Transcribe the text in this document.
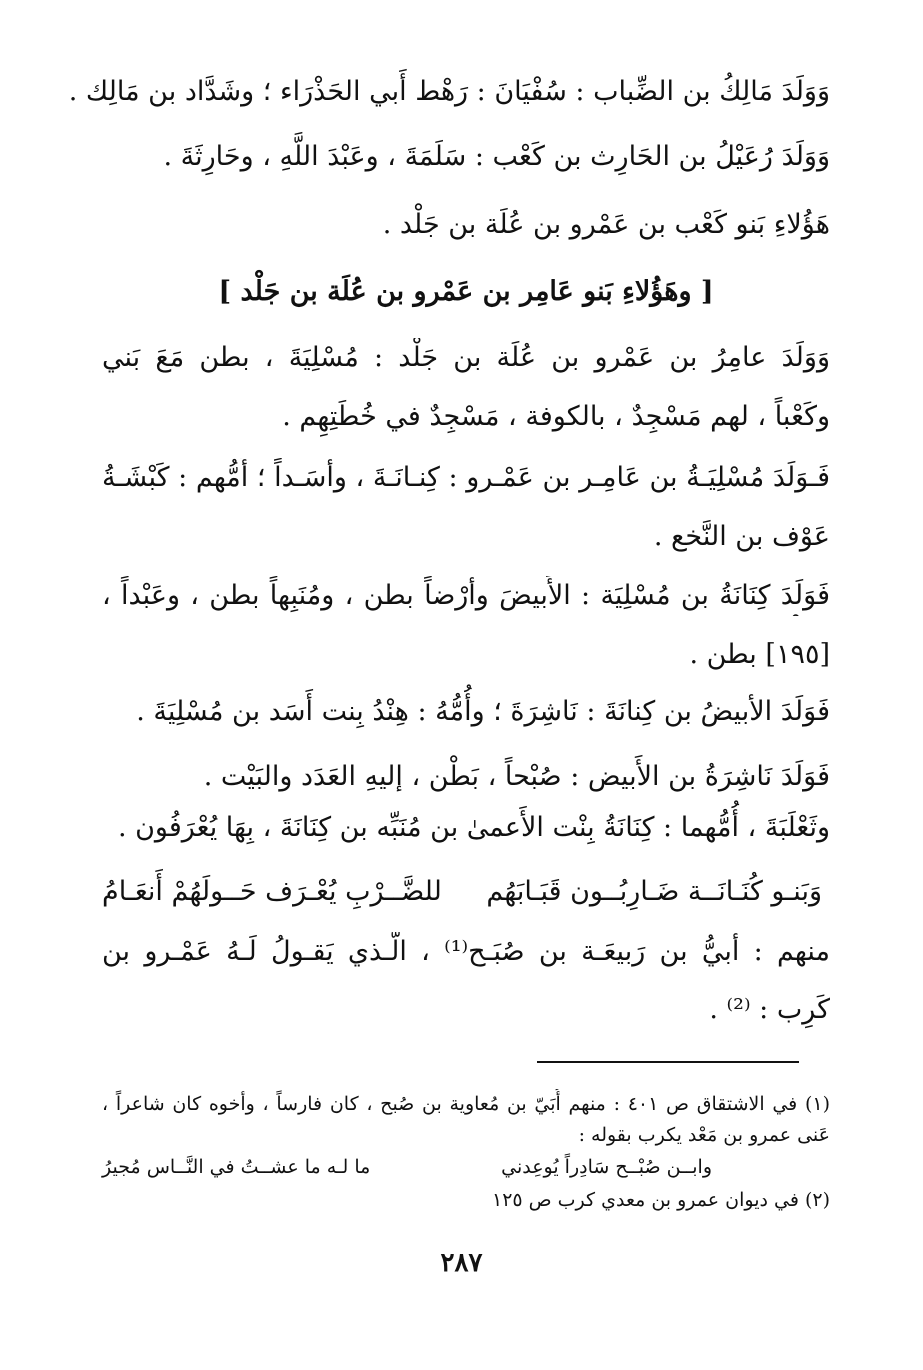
وَوَلَدَ مَالِكُ بن الضِّباب : سُفْيَانَ : رَهْط أَبي الحَذْرَاء ؛ وشَدَّاد بن مَالِك .
وَوَلَدَ رُعَيْلُ بن الحَارِث بن كَعْب : سَلَمَةَ ، وعَبْدَ اللَّهِ ، وحَارِثَةَ .
هَؤُلاءِ بَنو كَعْب بن عَمْرو بن عُلَة بن جَلْد .
[ وهَؤُلاءِ بَنو عَامِر بن عَمْرو بن عُلَة بن جَلْد ]
وَوَلَدَ عامِرُ بن عَمْرو بن عُلَة بن جَلْد : مُسْلِيَةَ ، بطن مَعَ بَني
وكَعْباً ، لهم مَسْجِدٌ ، بالكوفة ، مَسْجِدٌ في خُطَتِهِم .
فَـوَلَدَ مُسْلِيَـةُ بن عَامِـر بن عَمْـرو : كِنـانَـةَ ، وأَسَـداً ؛ أُمُّهم : كَبْشَـةُ
عَوْف بن النَّخع .
فَوَلَدَ كِنَانَةُ بن مُسْلِيَة : الأَبيضَ وأَرْضاً بطن ، ومُنَبِهاً بطن ، وعَبْداً ،
[١٩٥] بطن .
فَوَلَدَ الأبيضُ بن كِنانَةَ : نَاشِرَةَ ؛ وأُمُّهُ : هِنْدُ بِنت أَسَد بن مُسْلِيَةَ .
فَوَلَدَ نَاشِرَةُ بن الأَبيض : صُبْحاً ، بَطْن ، إليهِ العَدَد والبَيْت .
وثَعْلَبَةَ ، أُمُّهما : كِنَانَةُ بِنْت الأَعمىٰ بن مُنَبِّه بن كِنَانَةَ ، بِهَا يُعْرَفُون .
وَبَنـو كُنَـانَــة ضَـارِبُــون قَبَـابَهُم
للضَّــرْبِ يُعْـرَف حَــولَهُمْ أَنعَـامُ
منهم : أَبيُّ بن رَبيعَـة بن صُبَـح⁽¹⁾ ، الَّـذي يَقـولُ لَـهُ عَمْـرو بن
كَرِب : ⁽²⁾ .
(١) في الاشتقاق ص ٤٠١ : منهم أُبَيّ بن مُعاوية بن صُبح ، كان فارساً ، وأخوه كان شاعراً ،
عَنى عمرو بن مَعْد يكرب بقوله :
وابــن صُبْــح سَادِراً يُوعِدني
ما لـه ما عشــتُ في النَّــاس مُجيرُ
(٢) في ديوان عمرو بن معدي كرب ص ١٢٥
٢٨٧
